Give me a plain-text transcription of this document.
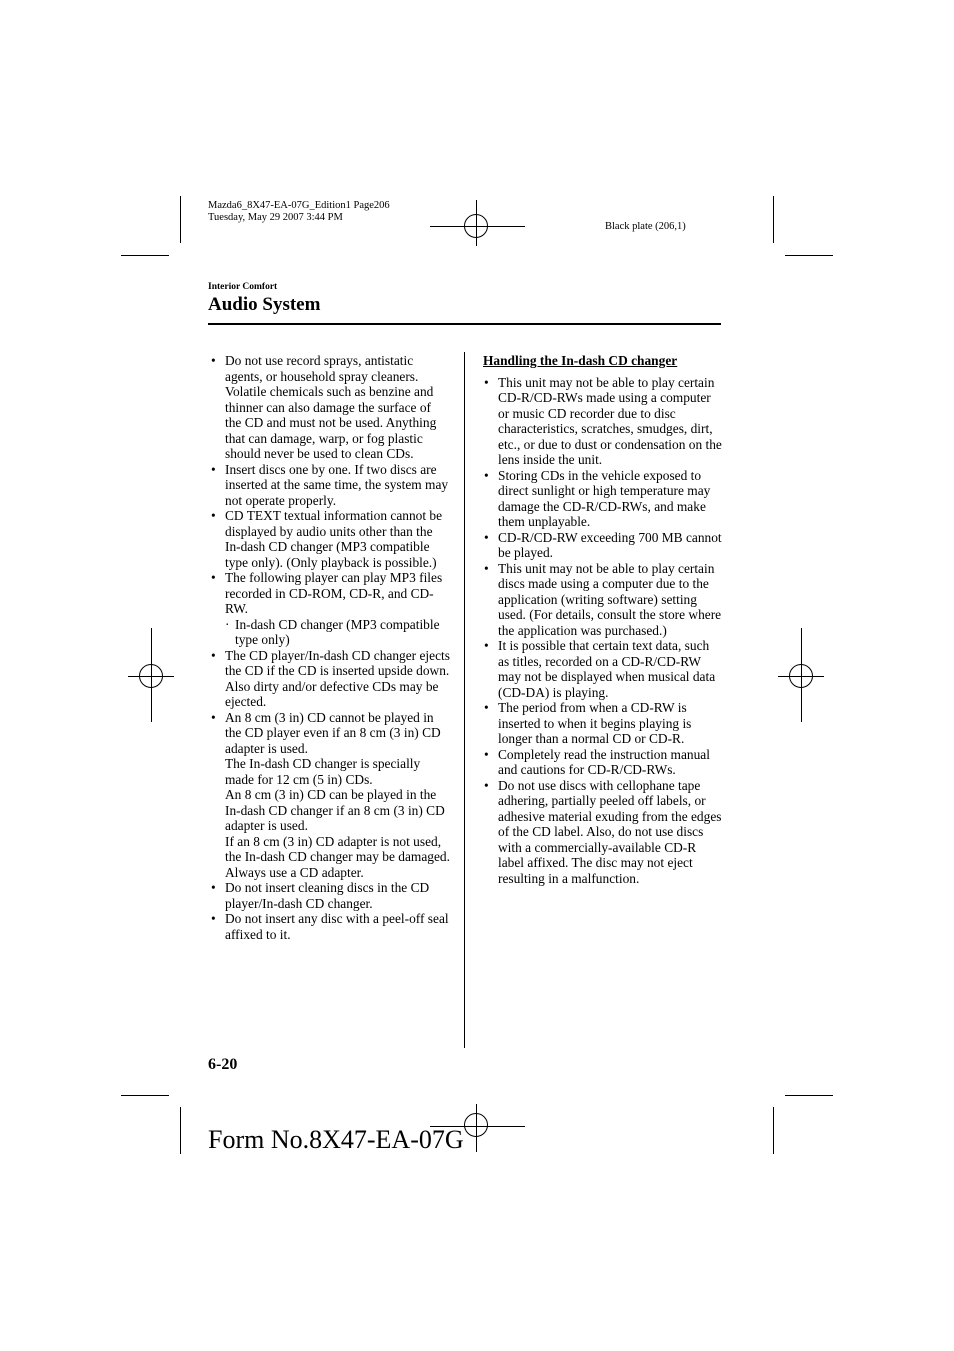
Mazda6_8X47-EA-07G_Edition1 Page206
Tuesday, May 29 2007 3:44 PM
Black plate (206,1)
Interior Comfort
Audio System
• Do not use record sprays, antistatic agents, or household spray cleaners. Volatile chemicals such as benzine and thinner can also damage the surface of the CD and must not be used. Anything that can damage, warp, or fog plastic should never be used to clean CDs.
• Insert discs one by one. If two discs are inserted at the same time, the system may not operate properly.
• CD TEXT textual information cannot be displayed by audio units other than the In-dash CD changer (MP3 compatible type only). (Only playback is possible.)
• The following player can play MP3 files recorded in CD-ROM, CD-R, and CD-RW.
· In-dash CD changer (MP3 compatible type only)
• The CD player/In-dash CD changer ejects the CD if the CD is inserted upside down. Also dirty and/or defective CDs may be ejected.
• An 8 cm (3 in) CD cannot be played in the CD player even if an 8 cm (3 in) CD adapter is used.
The In-dash CD changer is specially made for 12 cm (5 in) CDs.
An 8 cm (3 in) CD can be played in the In-dash CD changer if an 8 cm (3 in) CD adapter is used.
If an 8 cm (3 in) CD adapter is not used, the In-dash CD changer may be damaged. Always use a CD adapter.
• Do not insert cleaning discs in the CD player/In-dash CD changer.
• Do not insert any disc with a peel-off seal affixed to it.
Handling the In-dash CD changer
• This unit may not be able to play certain CD-R/CD-RWs made using a computer or music CD recorder due to disc characteristics, scratches, smudges, dirt, etc., or due to dust or condensation on the lens inside the unit.
• Storing CDs in the vehicle exposed to direct sunlight or high temperature may damage the CD-R/CD-RWs, and make them unplayable.
• CD-R/CD-RW exceeding 700 MB cannot be played.
• This unit may not be able to play certain discs made using a computer due to the application (writing software) setting used. (For details, consult the store where the application was purchased.)
• It is possible that certain text data, such as titles, recorded on a CD-R/CD-RW may not be displayed when musical data (CD-DA) is playing.
• The period from when a CD-RW is inserted to when it begins playing is longer than a normal CD or CD-R.
• Completely read the instruction manual and cautions for CD-R/CD-RWs.
• Do not use discs with cellophane tape adhering, partially peeled off labels, or adhesive material exuding from the edges of the CD label. Also, do not use discs with a commercially-available CD-R label affixed. The disc may not eject resulting in a malfunction.
6-20
Form No.8X47-EA-07G
